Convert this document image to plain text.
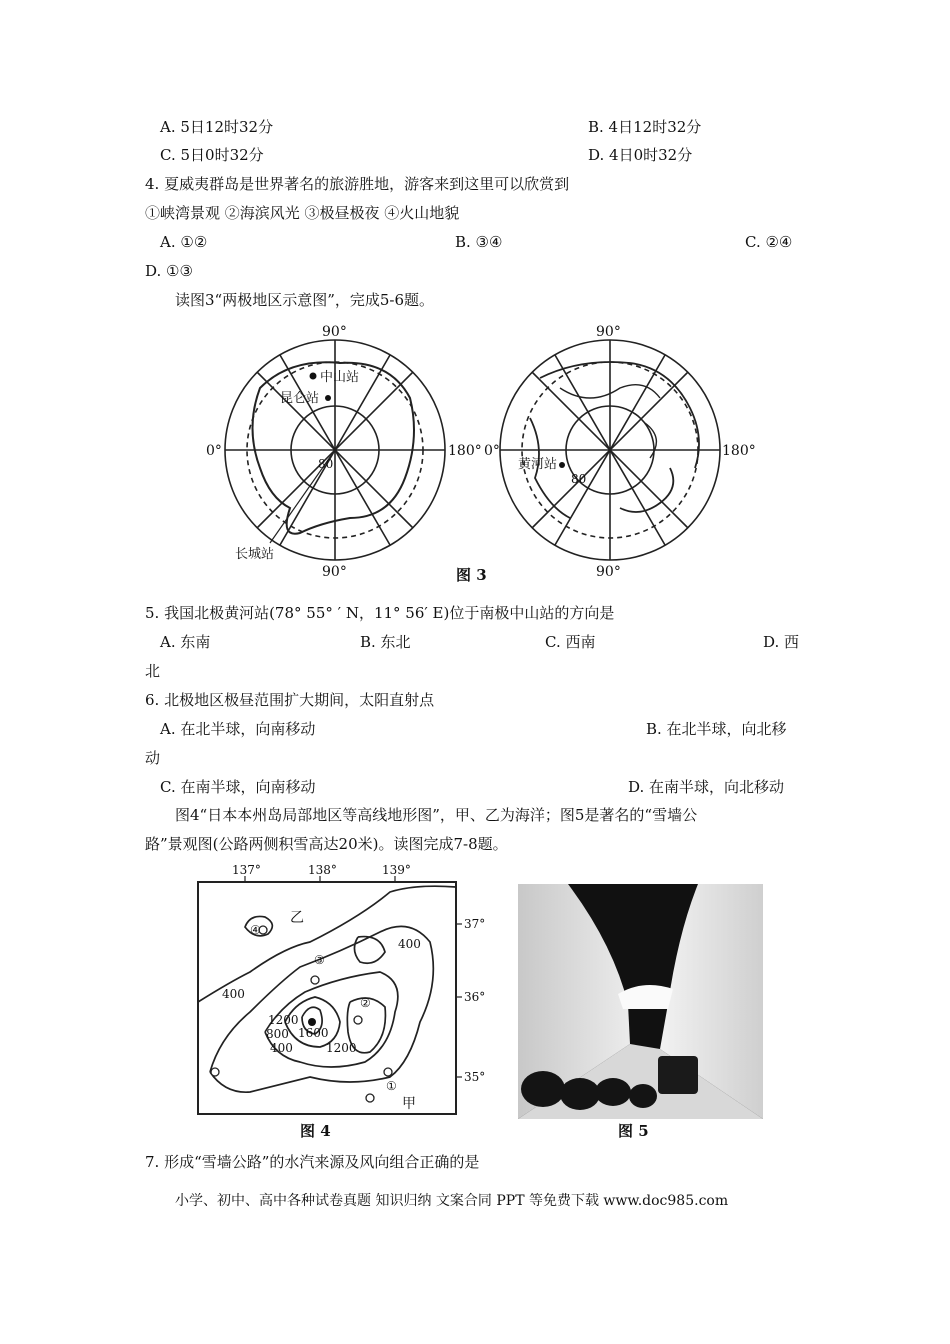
A. 5日12时32分	B. 4日12时32分
C. 5日0时32分	D. 4日0时32分
4. 夏威夷群岛是世界著名的旅游胜地，游客来到这里可以欣赏到
①峡湾景观 ②海滨风光 ③极昼极夜 ④火山地貌
A. ①②	B. ③④	C. ②④
D. ①③
读图3“两极地区示意图”，完成5-6题。
90°
90°
0°	180°
80
中山站
昆仑站
长城站
90°
90°
0°	180°
80
黄河站
图 3
5. 我国北极黄河站(78° 55° ′ N，11° 56′ E)位于南极中山站的方向是
A. 东南	B. 东北	C. 西南	D. 西
北
6. 北极地区极昼范围扩大期间，太阳直射点
A. 在北半球，向南移动	B. 在北半球，向北移
动
C. 在南半球，向南移动	D. 在南半球，向北移动
图4“日本本州岛局部地区等高线地形图”，甲、乙为海洋；图5是著名的“雪墙公
路”景观图(公路两侧积雪高达20米)。读图完成7-8题。
137°	138°	139°
37°
36°
35°
乙
甲
400
400
400
1200
1200
800 1600
④
③
②
①
图 4	图 5
7. 形成“雪墙公路”的水汽来源及风向组合正确的是
小学、初中、高中各种试卷真题 知识归纳 文案合同 PPT 等免费下载 www.doc985.com
